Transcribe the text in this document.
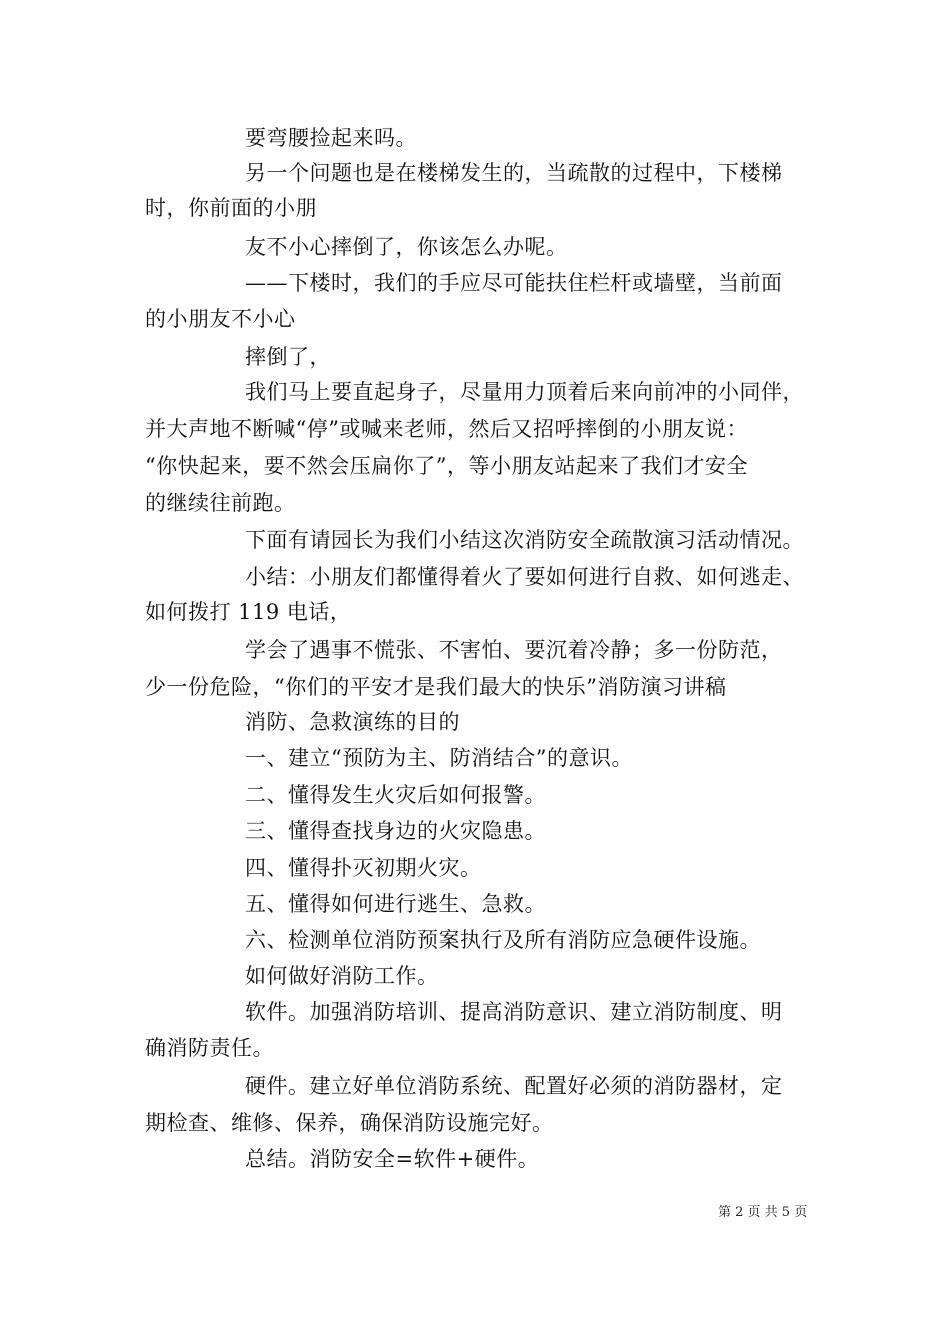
要弯腰捡起来吗。
另一个问题也是在楼梯发生的，当疏散的过程中，下楼梯
时，你前面的小朋
友不小心摔倒了，你该怎么办呢。
——下楼时，我们的手应尽可能扶住栏杆或墙壁，当前面
的小朋友不小心
摔倒了，
我们马上要直起身子，尽量用力顶着后来向前冲的小同伴，
并大声地不断喊“停”或喊来老师，然后又招呼摔倒的小朋友说：
“你快起来，要不然会压扁你了”，等小朋友站起来了我们才安全
的继续往前跑。
下面有请园长为我们小结这次消防安全疏散演习活动情况。
小结：小朋友们都懂得着火了要如何进行自救、如何逃走、
如何拨打 119 电话，
学会了遇事不慌张、不害怕、要沉着冷静；多一份防范，
少一份危险，“你们的平安才是我们最大的快乐”消防演习讲稿
消防、急救演练的目的
一、建立“预防为主、防消结合”的意识。
二、懂得发生火灾后如何报警。
三、懂得查找身边的火灾隐患。
四、懂得扑灭初期火灾。
五、懂得如何进行逃生、急救。
六、检测单位消防预案执行及所有消防应急硬件设施。
如何做好消防工作。
软件。加强消防培训、提高消防意识、建立消防制度、明
确消防责任。
硬件。建立好单位消防系统、配置好必须的消防器材，定
期检查、维修、保养，确保消防设施完好。
总结。消防安全=软件+硬件。
第 2 页 共 5 页
